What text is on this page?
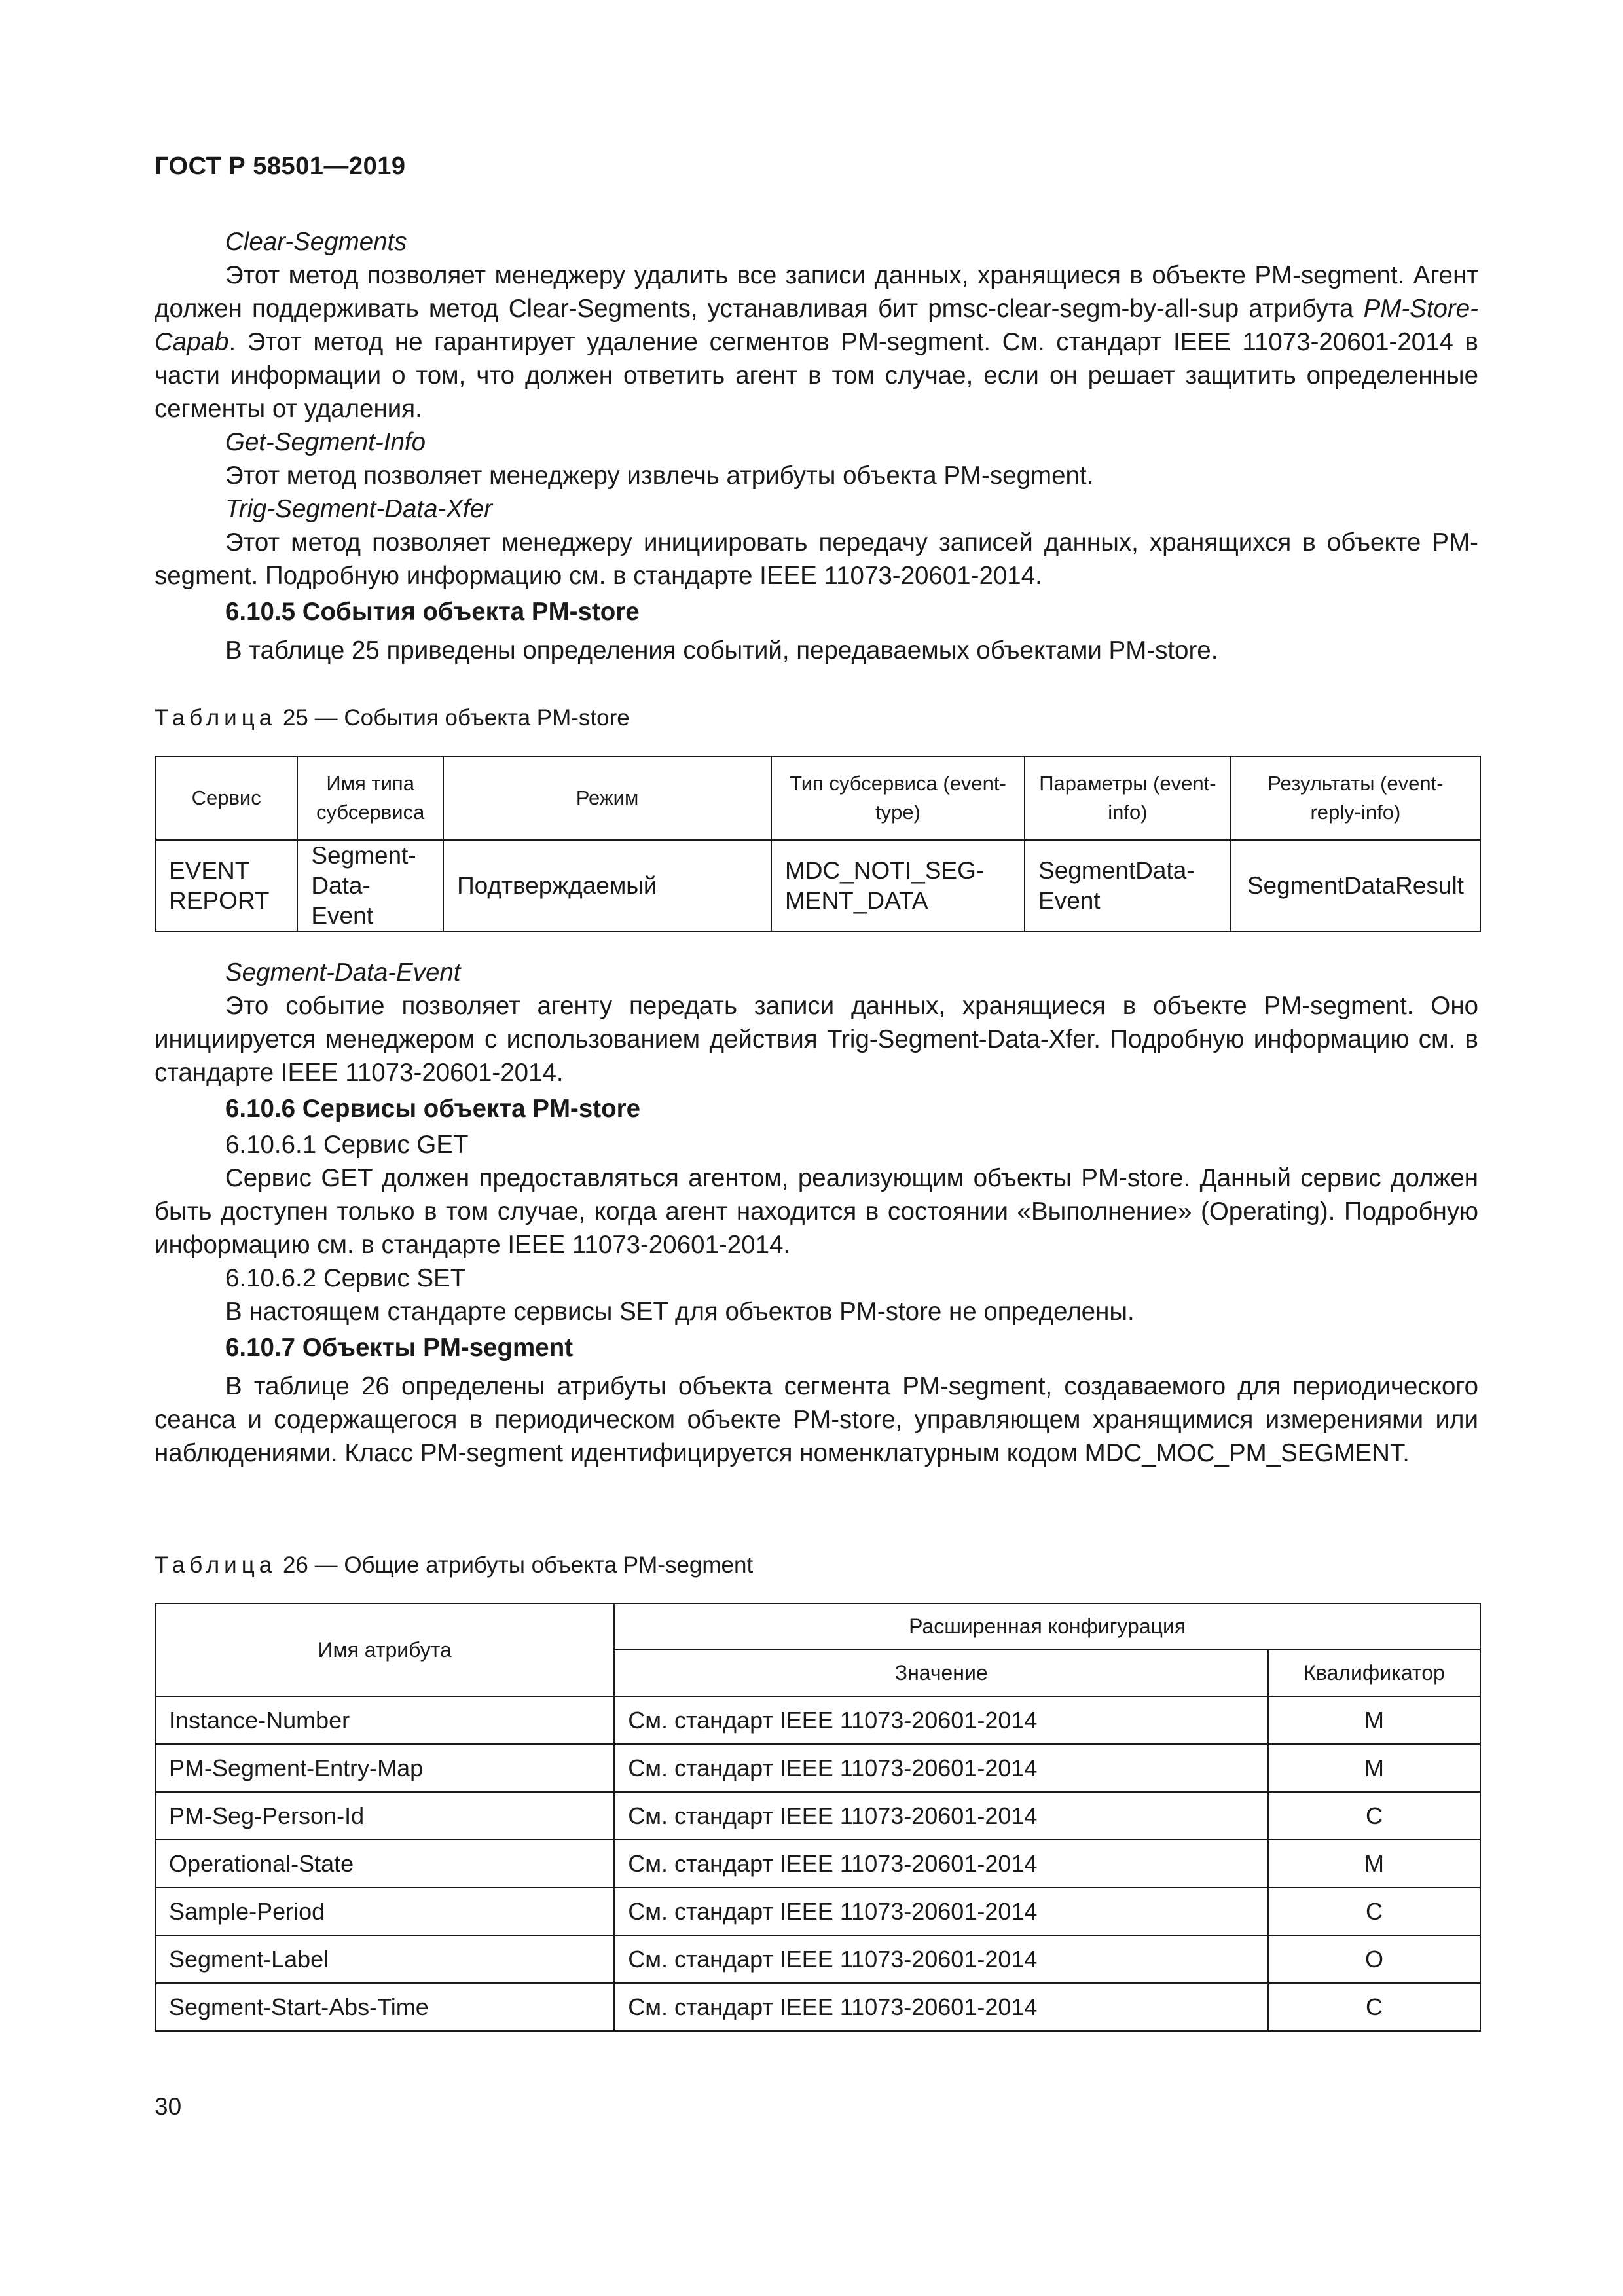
ГОСТ Р 58501—2019

Clear-Segments

Этот метод позволяет менеджеру удалить все записи данных, хранящиеся в объекте PM-segment. Агент должен поддерживать метод Clear-Segments, устанавливая бит pmsc-clear-segm-by-all-sup атрибута PM-Store-Capab. Этот метод не гарантирует удаление сегментов PM-segment. См. стандарт IEEE 11073-20601-2014 в части информации о том, что должен ответить агент в том случае, если он решает защитить определенные сегменты от удаления.

Get-Segment-Info

Этот метод позволяет менеджеру извлечь атрибуты объекта PM-segment.

Trig-Segment-Data-Xfer

Этот метод позволяет менеджеру инициировать передачу записей данных, хранящихся в объекте PM-segment. Подробную информацию см. в стандарте IEEE 11073-20601-2014.

6.10.5 События объекта PM-store

В таблице 25 приведены определения событий, передаваемых объектами PM-store.

Таблица 25 — События объекта PM-store
Сервис	Имя типа субсервиса	Режим	Тип субсервиса (event-type)	Параметры (event-info)	Результаты (event-reply-info)
EVENT REPORT	Segment-Data-Event	Подтверждаемый	MDC_NOTI_SEG-MENT_DATA	SegmentData-Event	SegmentDataResult

Segment-Data-Event

Это событие позволяет агенту передать записи данных, хранящиеся в объекте PM-segment. Оно инициируется менеджером с использованием действия Trig-Segment-Data-Xfer. Подробную информацию см. в стандарте IEEE 11073-20601-2014.

6.10.6 Сервисы объекта PM-store

6.10.6.1 Сервис GET

Сервис GET должен предоставляться агентом, реализующим объекты PM-store. Данный сервис должен быть доступен только в том случае, когда агент находится в состоянии «Выполнение» (Operating). Подробную информацию см. в стандарте IEEE 11073-20601-2014.

6.10.6.2 Сервис SET

В настоящем стандарте сервисы SET для объектов PM-store не определены.

6.10.7 Объекты PM-segment

В таблице 26 определены атрибуты объекта сегмента PM-segment, создаваемого для периодического сеанса и содержащегося в периодическом объекте PM-store, управляющем хранящимися измерениями или наблюдениями. Класс PM-segment идентифицируется номенклатурным кодом MDC_MOC_PM_SEGMENT.

Таблица 26 — Общие атрибуты объекта PM-segment
Имя атрибута	Расширенная конфигурация	
	Значение	Квалификатор
Instance-Number	См. стандарт IEEE 11073-20601-2014	M
PM-Segment-Entry-Map	См. стандарт IEEE 11073-20601-2014	M
PM-Seg-Person-Id	См. стандарт IEEE 11073-20601-2014	C
Operational-State	См. стандарт IEEE 11073-20601-2014	M
Sample-Period	См. стандарт IEEE 11073-20601-2014	C
Segment-Label	См. стандарт IEEE 11073-20601-2014	O
Segment-Start-Abs-Time	См. стандарт IEEE 11073-20601-2014	C
30
